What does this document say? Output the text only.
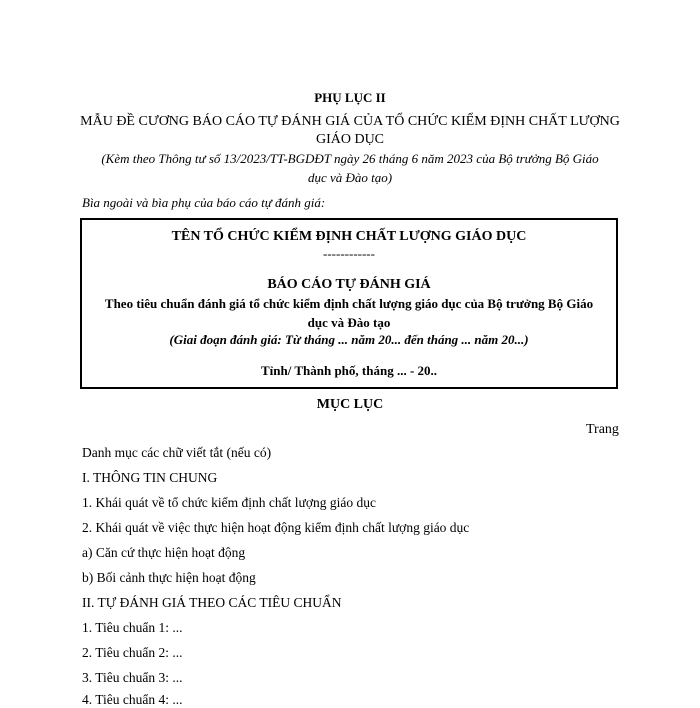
PHỤ LỤC II
MẪU ĐỀ CƯƠNG BÁO CÁO TỰ ĐÁNH GIÁ CỦA TỔ CHỨC KIỂM ĐỊNH CHẤT LƯỢNG
GIÁO DỤC
(Kèm theo Thông tư số 13/2023/TT-BGDĐT ngày 26 tháng 6 năm 2023 của Bộ trưởng Bộ Giáo
dục và Đào tạo)
Bìa ngoài và bìa phụ của báo cáo tự đánh giá:
TÊN TỔ CHỨC KIỂM ĐỊNH CHẤT LƯỢNG GIÁO DỤC
------------
BÁO CÁO TỰ ĐÁNH GIÁ
Theo tiêu chuẩn đánh giá tổ chức kiểm định chất lượng giáo dục của Bộ trưởng Bộ Giáo
dục và Đào tạo
(Giai đoạn đánh giá: Từ tháng ... năm 20... đến tháng ... năm 20...)
Tỉnh/ Thành phố, tháng ... - 20..
MỤC LỤC
Trang
Danh mục các chữ viết tắt (nếu có)
I. THÔNG TIN CHUNG
1. Khái quát về tổ chức kiểm định chất lượng giáo dục
2. Khái quát về việc thực hiện hoạt động kiểm định chất lượng giáo dục
a) Căn cứ thực hiện hoạt động
b) Bối cảnh thực hiện hoạt động
II. TỰ ĐÁNH GIÁ THEO CÁC TIÊU CHUẨN
1. Tiêu chuẩn 1: ...
2. Tiêu chuẩn 2: ...
3. Tiêu chuẩn 3: ...
4. Tiêu chuẩn 4: ...
